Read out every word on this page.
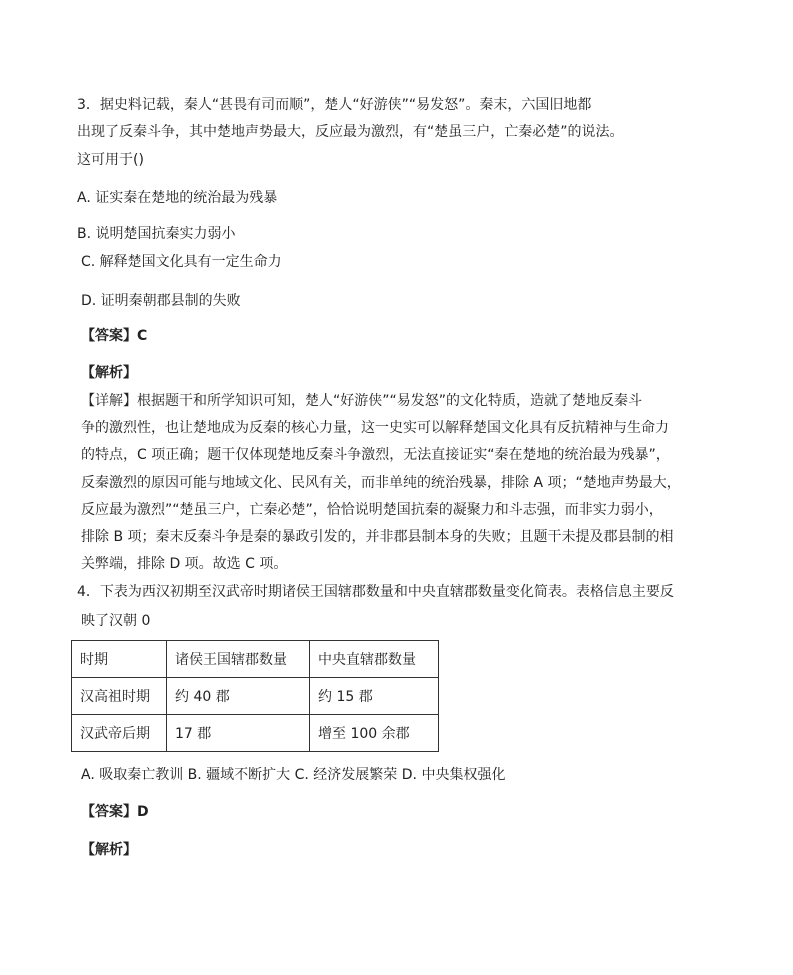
3．据史料记载，秦人“甚畏有司而顺”，楚人“好游侠”“易发怒”。秦末，六国旧地都
出现了反秦斗争，其中楚地声势最大，反应最为激烈，有“楚虽三户，亡秦必楚”的说法。
这可用于()
A. 证实秦在楚地的统治最为残暴
B. 说明楚国抗秦实力弱小
C. 解释楚国文化具有一定生命力
D. 证明秦朝郡县制的失败
【答案】C
【解析】
【详解】根据题干和所学知识可知，楚人“好游侠”“易发怒”的文化特质，造就了楚地反秦斗
争的激烈性，也让楚地成为反秦的核心力量，这一史实可以解释楚国文化具有反抗精神与生命力
的特点，C 项正确；题干仅体现楚地反秦斗争激烈，无法直接证实“秦在楚地的统治最为残暴”，
反秦激烈的原因可能与地域文化、民风有关，而非单纯的统治残暴，排除 A 项；“楚地声势最大，
反应最为激烈”“楚虽三户，亡秦必楚”，恰恰说明楚国抗秦的凝聚力和斗志强，而非实力弱小，
排除 B 项；秦末反秦斗争是秦的暴政引发的，并非郡县制本身的失败；且题干未提及郡县制的相
关弊端，排除 D 项。故选 C 项。
4．下表为西汉初期至汉武帝时期诸侯王国辖郡数量和中央直辖郡数量变化简表。表格信息主要反
映了汉朝 0
时期	诸侯王国辖郡数量	中央直辖郡数量
汉高祖时期	约 40 郡	约 15 郡
汉武帝后期	17 郡	增至 100 余郡
A. 吸取秦亡教训 B. 疆域不断扩大 C. 经济发展繁荣 D. 中央集权强化
【答案】D
【解析】
